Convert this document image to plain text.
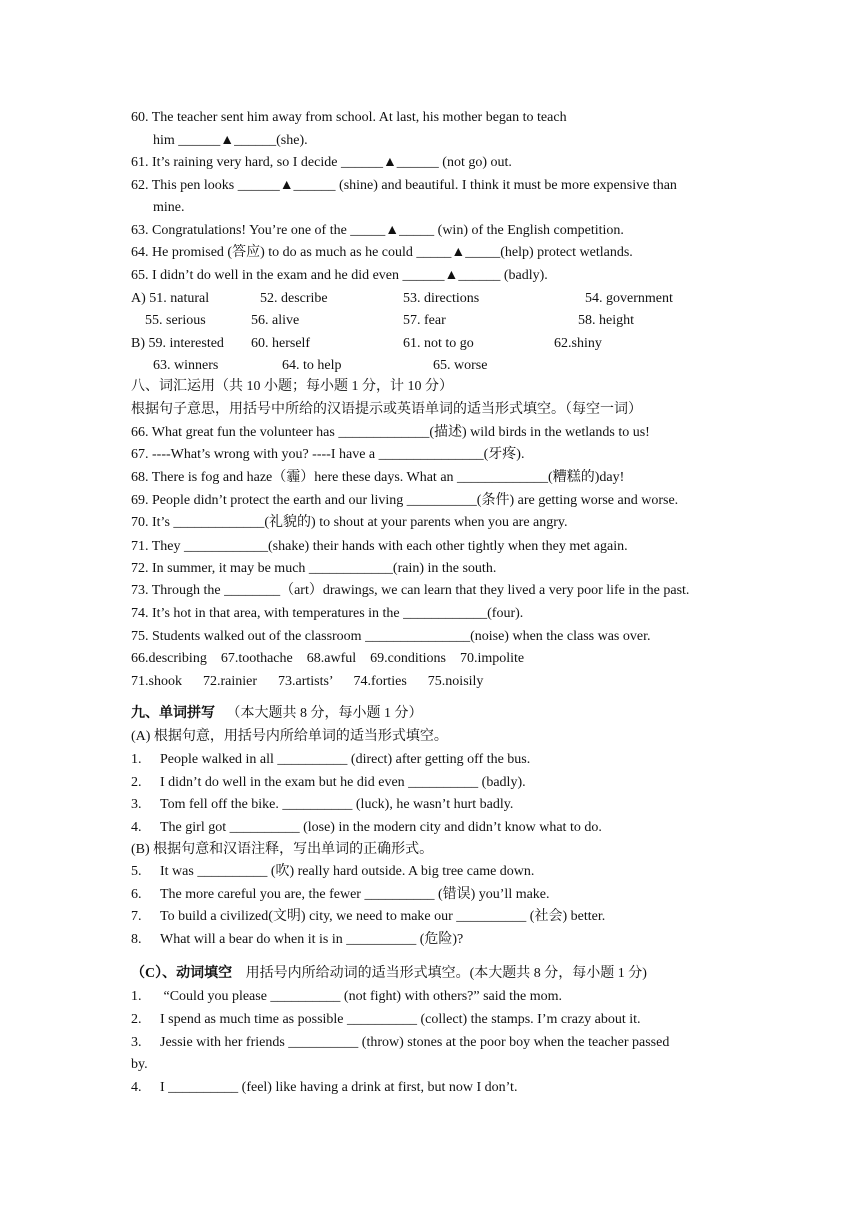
60. The teacher sent him away from school. At last, his mother began to teach
him ______▲______(she).
61. It’s raining very hard, so I decide ______▲______ (not go) out.
62. This pen looks ______▲______ (shine) and beautiful. I think it must be more expensive than
mine.
63. Congratulations! You’re one of the _____▲_____ (win) of the English competition.
64. He promised (答应) to do as much as he could _____▲_____(help) protect wetlands.
65. I didn’t do well in the exam and he did even ______▲______ (badly).
A) 51. natural	52. describe	53. directions	54. government
55. serious	56. alive	57. fear	58. height
B) 59. interested 60. herself	61. not to go	62.shiny
63. winners	64. to help	65. worse
八、词汇运用（共 10 小题；每小题 1 分，计 10 分）
根据句子意思，用括号中所给的汉语提示或英语单词的适当形式填空。（每空一词）
66. What great fun the volunteer has _____________(描述) wild birds in the wetlands to us!
67. ----What’s wrong with you? ----I have a _______________(牙疼).
68. There is fog and haze（霾）here these days. What an _____________(糟糕的)day!
69. People didn’t protect the earth and our living __________(条件) are getting worse and worse.
70. It’s _____________(礼貌的) to shout at your parents when you are angry.
71. They ____________(shake) their hands with each other tightly when they met again.
72. In summer, it may be much ____________(rain) in the south.
73. Through the ________（art）drawings, we can learn that they lived a very poor life in the past.
74. It’s hot in that area, with temperatures in the ____________(four).
75. Students walked out of the classroom _______________(noise) when the class was over.
66.describing    67.toothache    68.awful    69.conditions    70.impolite
71.shook      72.rainier      73.artists’      74.forties      75.noisily
九、单词拼写 （本大题共 8 分，每小题 1 分）
(A) 根据句意，用括号内所给单词的适当形式填空。
1. People walked in all __________ (direct) after getting off the bus.
2. I didn’t do well in the exam but he did even __________ (badly).
3. Tom fell off the bike. __________ (luck), he wasn’t hurt badly.
4. The girl got __________ (lose) in the modern city and didn’t know what to do.
(B) 根据句意和汉语注释，写出单词的正确形式。
5. It was __________ (吹) really hard outside. A big tree came down.
6. The more careful you are, the fewer __________ (错误) you’ll make.
7. To build a civilized(文明) city, we need to make our __________ (社会) better.
8. What will a bear do when it is in __________ (危险)?
（C）、动词填空 用括号内所给动词的适当形式填空。(本大题共 8 分，每小题 1 分)
1. “Could you please __________ (not fight) with others?” said the mom.
2. I spend as much time as possible __________ (collect) the stamps. I’m crazy about it.
3. Jessie with her friends __________ (throw) stones at the poor boy when the teacher passed
by.
4. I __________ (feel) like having a drink at first, but now I don’t.
